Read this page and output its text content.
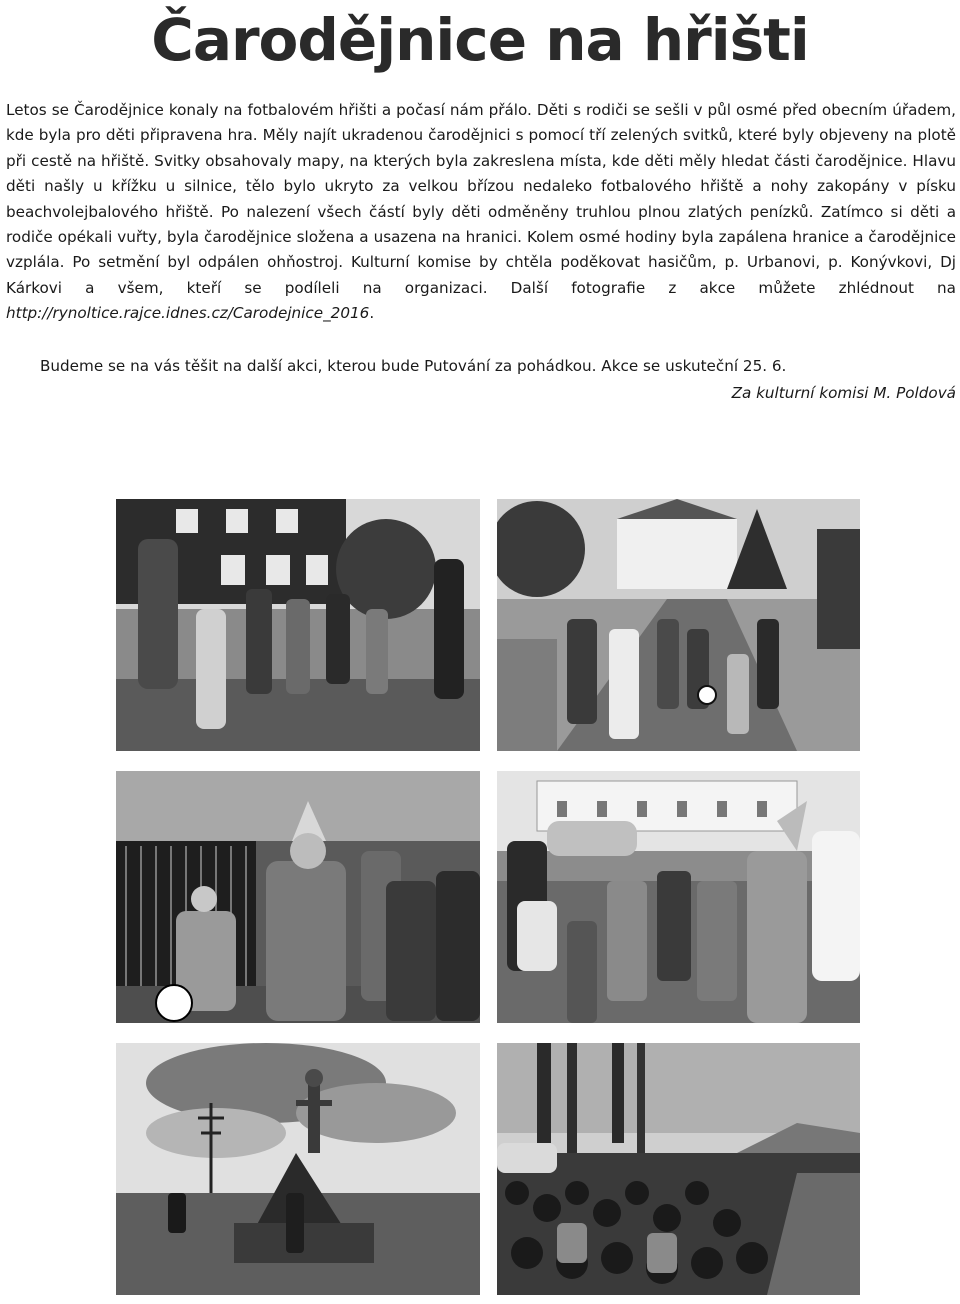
Čarodějnice na hřišti

Letos se Čarodějnice konaly na fotbalovém hřišti a počasí nám přálo. Děti s rodiči se sešli v půl osmé před obecním úřadem, kde byla pro děti připravena hra. Měly najít ukradenou čarodějnici s pomocí tří zelených svitků, které byly objeveny na plotě při cestě na hřiště. Svitky obsahovaly mapy, na kterých byla zakreslena místa, kde děti měly hledat části čarodějnice. Hlavu děti našly u křížku u silnice, tělo bylo ukryto za velkou břízou nedaleko fotbalového hřiště a nohy zakopány v písku beachvolejbalového hřiště. Po nalezení všech částí byly děti odměněny truhlou plnou zlatých penízků. Zatímco si děti a rodiče opékali vuřty, byla čarodějnice složena a usazena na hranici. Kolem osmé hodiny byla zapálena hranice a čarodějnice vzplála. Po setmění byl odpálen ohňostroj. Kulturní komise by chtěla poděkovat hasičům, p. Urbanovi, p. Konývkovi, Dj Kárkovi a všem, kteří se podíleli na organizaci. Další fotografie z akce můžete zhlédnout na http://rynoltice.rajce.idnes.cz/Carodejnice_2016.

Budeme se na vás těšit na další akci, kterou bude Putování za pohádkou. Akce se uskuteční 25. 6.

Za kulturní komisi M. Poldová
